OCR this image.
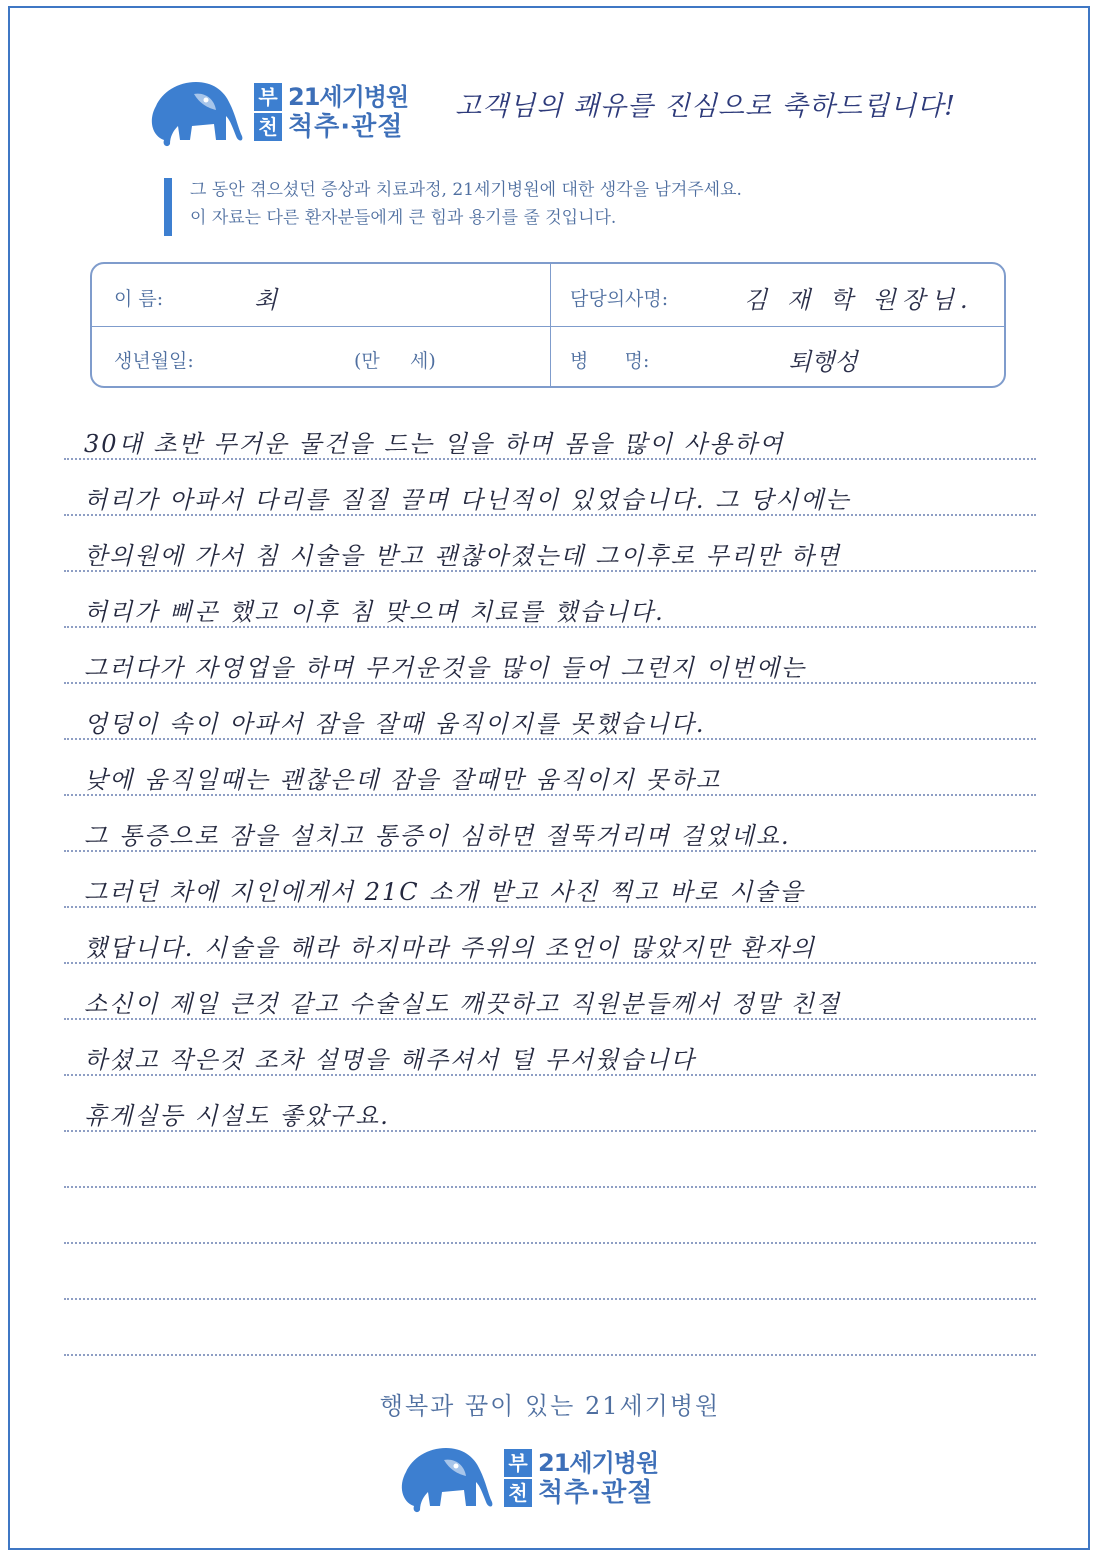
부
천
21세기병원
척추·관절
고객님의 쾌유를 진심으로 축하드립니다!

그 동안 겪으셨던 증상과 치료과정, 21세기병원에 대한 생각을 남겨주세요.

이 자료는 다른 환자분들에게 큰 힘과 용기를 줄 것입니다.

이 름:	최	담당의사명:	김 재 학 원장님.
생년월일:	(만     세)	병      명:	퇴행성
30대 초반 무거운 물건을 드는 일을 하며 몸을 많이 사용하여
허리가 아파서 다리를 질질 끌며 다닌적이 있었습니다. 그 당시에는
한의원에 가서 침 시술을 받고 괜찮아졌는데 그이후로 무리만 하면
허리가 삐곤 했고 이후 침 맞으며 치료를 했습니다.
그러다가 자영업을 하며 무거운것을 많이 들어 그런지 이번에는
엉덩이 속이 아파서 잠을 잘때 움직이지를 못했습니다.
낮에 움직일때는 괜찮은데 잠을 잘때만 움직이지 못하고
그 통증으로 잠을 설치고 통증이 심하면 절뚝거리며 걸었네요.
그러던 차에 지인에게서 21C 소개 받고 사진 찍고 바로 시술을
했답니다. 시술을 해라 하지마라 주위의 조언이 많았지만 환자의
소신이 제일 큰것 같고 수술실도 깨끗하고 직원분들께서 정말 친절
하셨고 작은것 조차 설명을 해주셔서 덜 무서웠습니다
휴게실등 시설도 좋았구요.
행복과 꿈이 있는 21세기병원
부
천
21세기병원
척추·관절
